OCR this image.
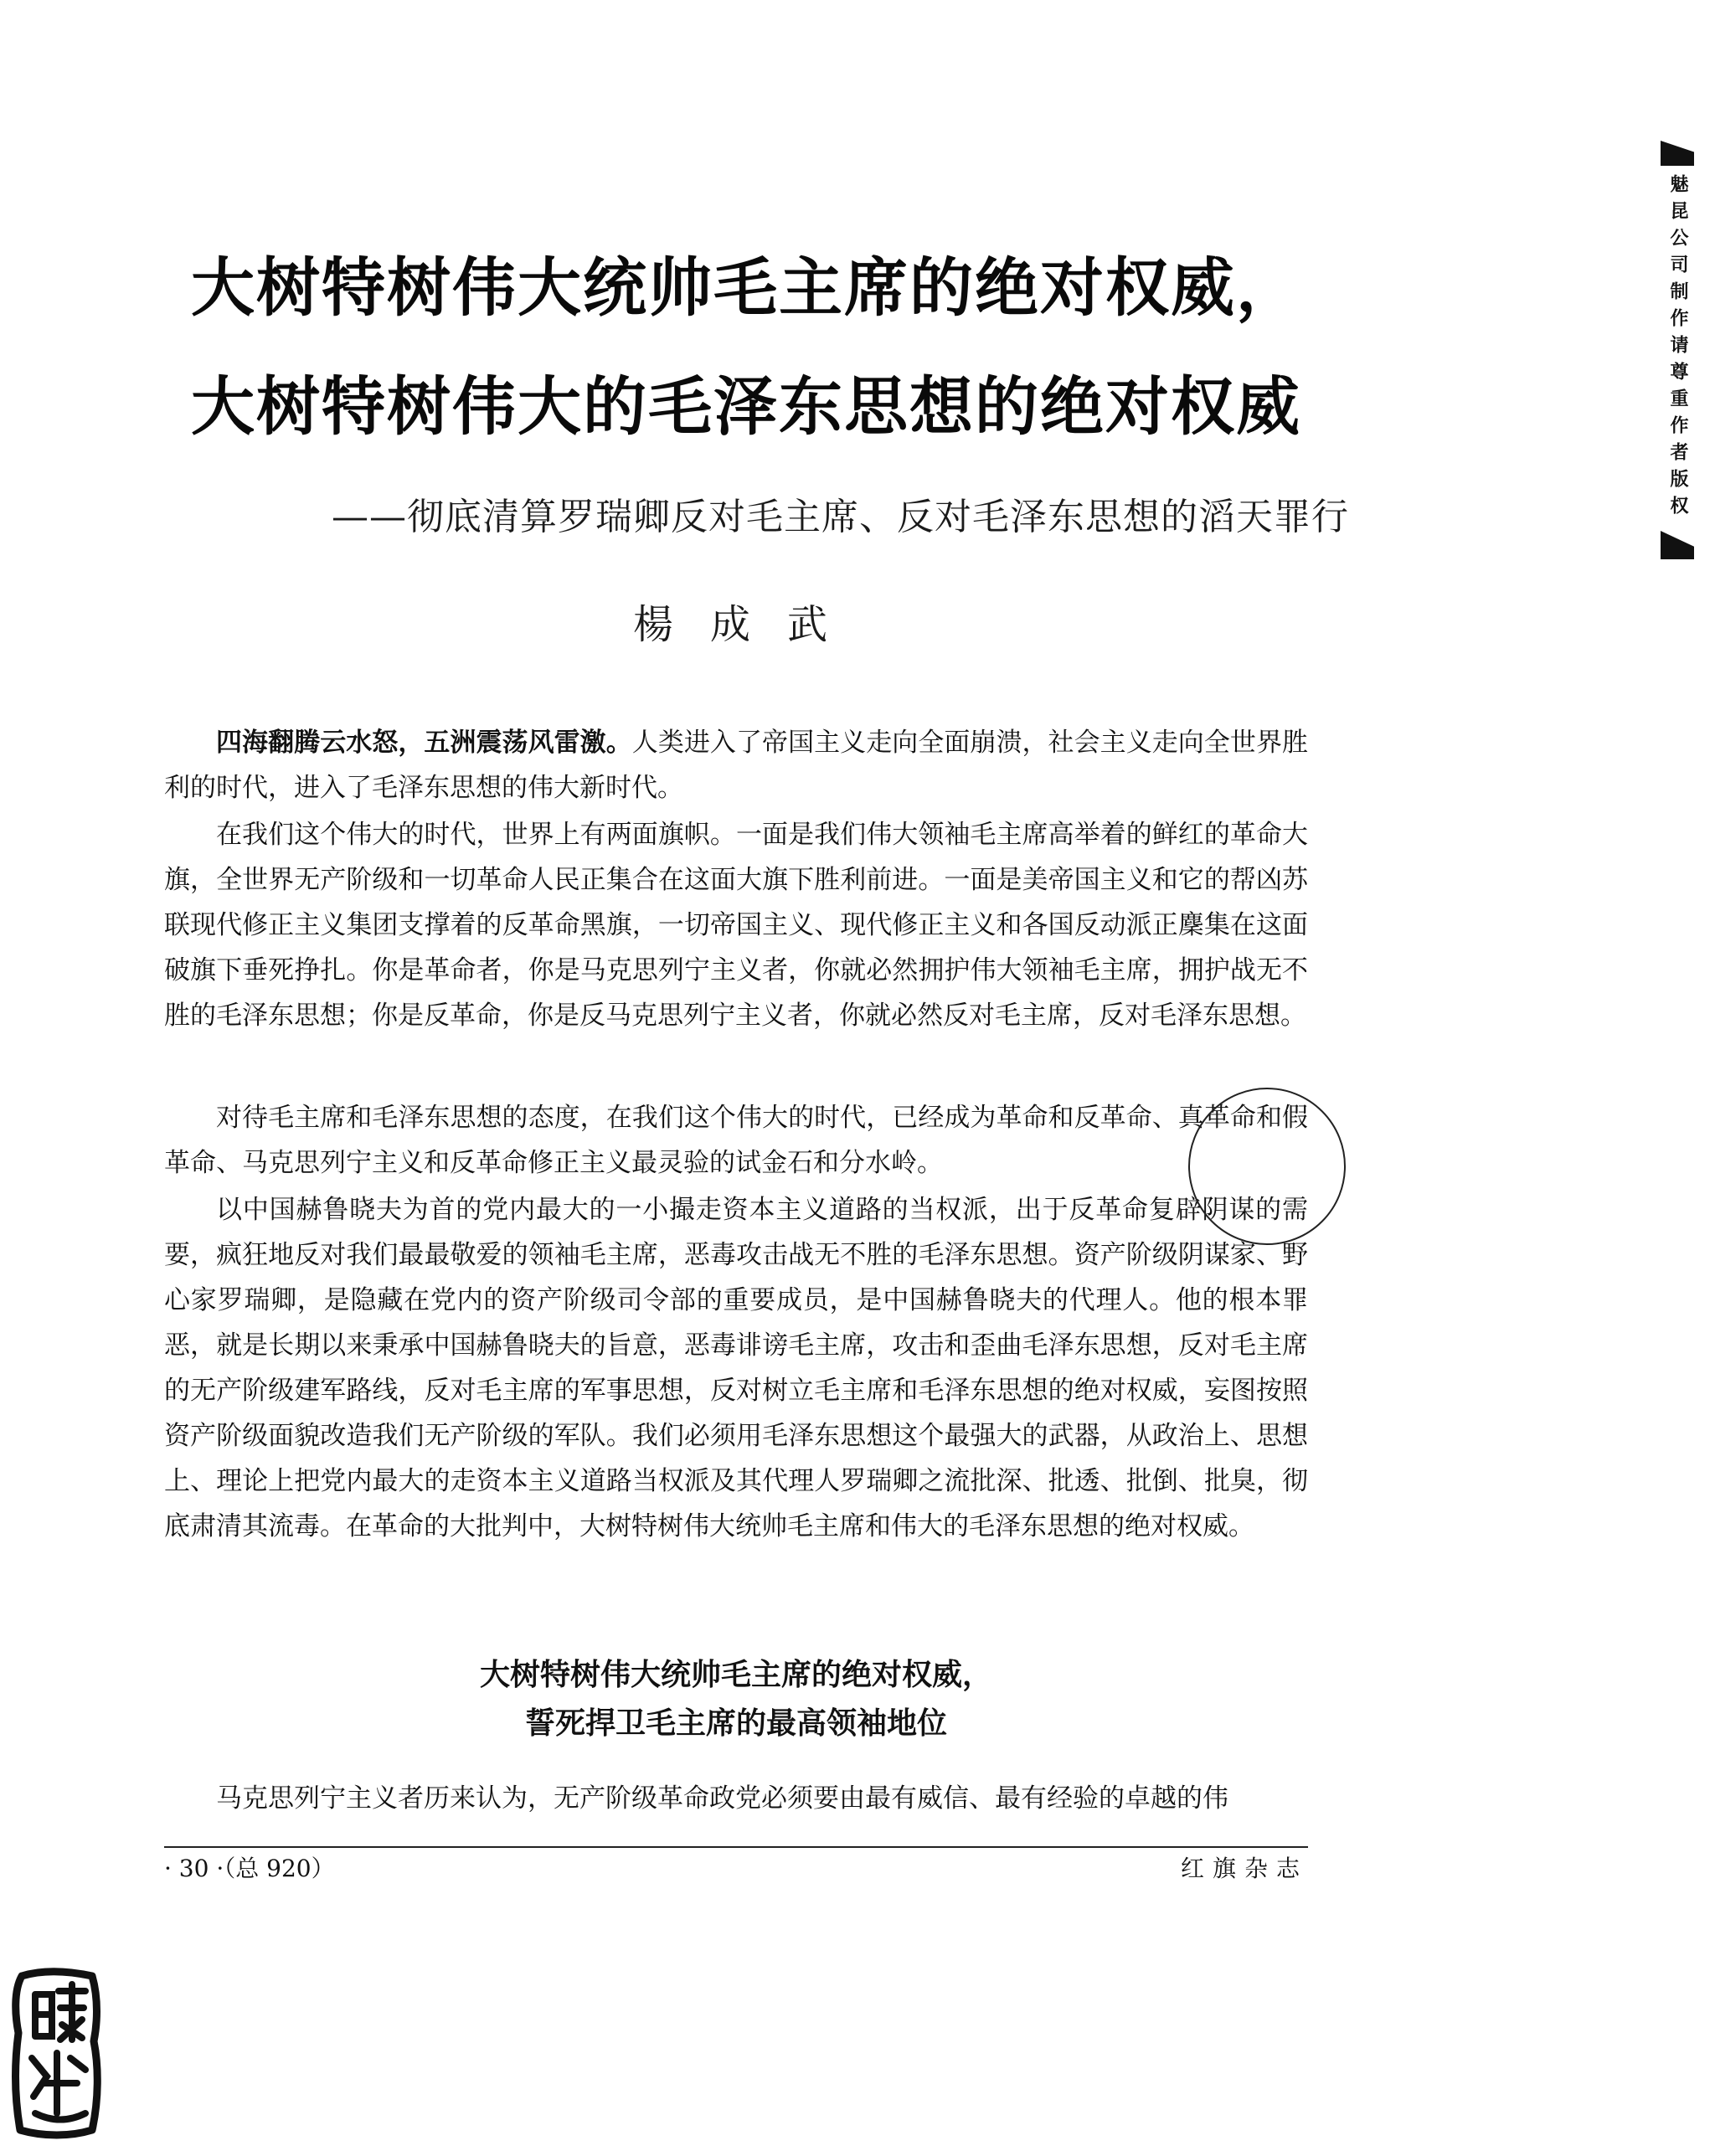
魅昆公司制作请尊重作者版权
大树特树伟大统帅毛主席的绝对权威，
大树特树伟大的毛泽东思想的绝对权威
——彻底清算罗瑞卿反对毛主席、反对毛泽东思想的滔天罪行
楊成武

四海翻腾云水怒，五洲震荡风雷激。人类进入了帝国主义走向全面崩溃，社会主义走向全世界胜利的时代，进入了毛泽东思想的伟大新时代。

在我们这个伟大的时代，世界上有两面旗帜。一面是我们伟大领袖毛主席高举着的鲜红的革命大旗，全世界无产阶级和一切革命人民正集合在这面大旗下胜利前进。一面是美帝国主义和它的帮凶苏联现代修正主义集团支撑着的反革命黑旗，一切帝国主义、现代修正主义和各国反动派正麇集在这面破旗下垂死挣扎。你是革命者，你是马克思列宁主义者，你就必然拥护伟大领袖毛主席，拥护战无不胜的毛泽东思想；你是反革命，你是反马克思列宁主义者，你就必然反对毛主席，反对毛泽东思想。

对待毛主席和毛泽东思想的态度，在我们这个伟大的时代，已经成为革命和反革命、真革命和假革命、马克思列宁主义和反革命修正主义最灵验的试金石和分水岭。

以中国赫鲁晓夫为首的党内最大的一小撮走资本主义道路的当权派，出于反革命复辟阴谋的需要，疯狂地反对我们最最敬爱的领袖毛主席，恶毒攻击战无不胜的毛泽东思想。资产阶级阴谋家、野心家罗瑞卿，是隐藏在党内的资产阶级司令部的重要成员，是中国赫鲁晓夫的代理人。他的根本罪恶，就是长期以来秉承中国赫鲁晓夫的旨意，恶毒诽谤毛主席，攻击和歪曲毛泽东思想，反对毛主席的无产阶级建军路线，反对毛主席的军事思想，反对树立毛主席和毛泽东思想的绝对权威，妄图按照资产阶级面貌改造我们无产阶级的军队。我们必须用毛泽东思想这个最强大的武器，从政治上、思想上、理论上把党内最大的走资本主义道路当权派及其代理人罗瑞卿之流批深、批透、批倒、批臭，彻底肃清其流毒。在革命的大批判中，大树特树伟大统帅毛主席和伟大的毛泽东思想的绝对权威。

大树特树伟大统帅毛主席的绝对权威，
誓死捍卫毛主席的最高领袖地位

马克思列宁主义者历来认为，无产阶级革命政党必须要由最有威信、最有经验的卓越的伟

· 30 ·（总 920）	红旗杂志
